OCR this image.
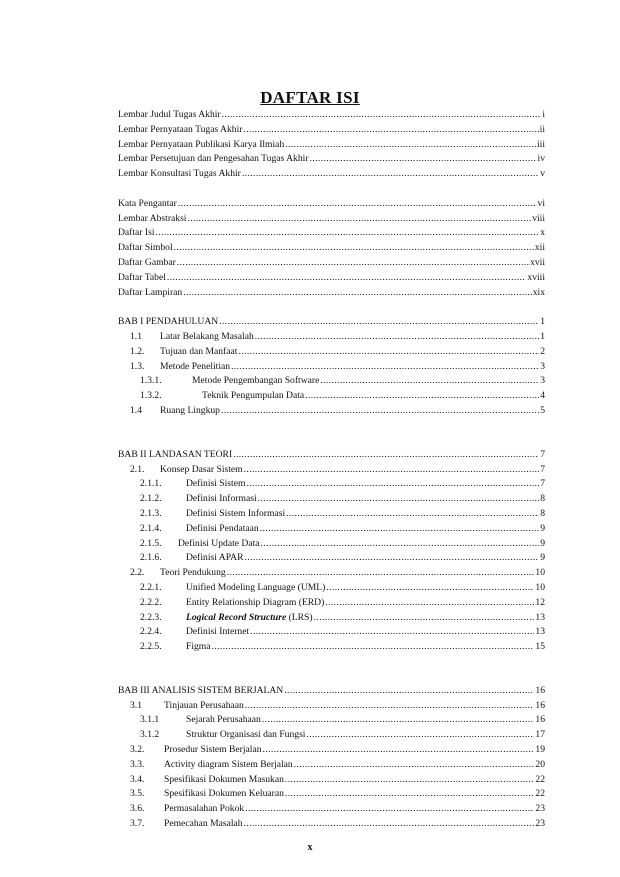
DAFTAR ISI
Lembar Judul Tugas Akhir .....	i
Lembar Pernyataan Tugas Akhir .....	ii
Lembar Pernyataan Publikasi Karya Ilmiah .....	iii
Lembar Persetujuan dan Pengesahan Tugas Akhir .....	iv
Lembar Konsultasi Tugas Akhir .....	v
Kata Pengantar .....	vi
Lembar Abstraksi .....	viii
Daftar Isi .....	x
Daftar Simbol .....	xii
Daftar Gambar .....	xvii
Daftar Tabel .....	xviii
Daftar Lampiran .....	xix
BAB I PENDAHULUAN .....	1
1.1	Latar Belakang Masalah .....	1
1.2.	Tujuan dan Manfaat .....	2
1.3.	Metode Penelitian .....	3
1.3.1.	Metode Pengembangan Software .....	3
1.3.2.	Teknik Pengumpulan Data .....	4
1.4	Ruang Lingkup .....	5
BAB II LANDASAN TEORI .....	7
2.1.	Konsep Dasar Sistem .....	7
2.1.1.	Definisi Sistem .....	7
2.1.2.	Definisi Informasi .....	8
2.1.3.	Definisi Sistem Informasi .....	8
2.1.4.	Definisi Pendataan .....	9
2.1.5.	Definisi Update Data .....	9
2.1.6.	Definisi APAR .....	9
2.2.	Teori Pendukung .....	10
2.2.1.	Unified Modeling Language (UML) .....	10
2.2.2.	Entity Relationship Diagram (ERD) .....	12
2.2.3.	Logical Record Structure (LRS) .....	13
2.2.4.	Definisi Internet .....	13
2.2.5.	Figma .....	15
BAB III ANALISIS SISTEM BERJALAN .....	16
3.1	Tinjauan Perusahaan .....	16
3.1.1	Sejarah Perusahaan .....	16
3.1.2	Struktur Organisasi dan Fungsi .....	17
3.2.	Prosedur Sistem Berjalan .....	19
3.3.	Activity diagram Sistem Berjalan .....	20
3.4.	Spesifikasi Dokumen Masukan .....	22
3.5.	Spesifikasi Dokumen Keluaran .....	22
3.6.	Permasalahan Pokok .....	23
3.7.	Pemecahan Masalah .....	23
x
